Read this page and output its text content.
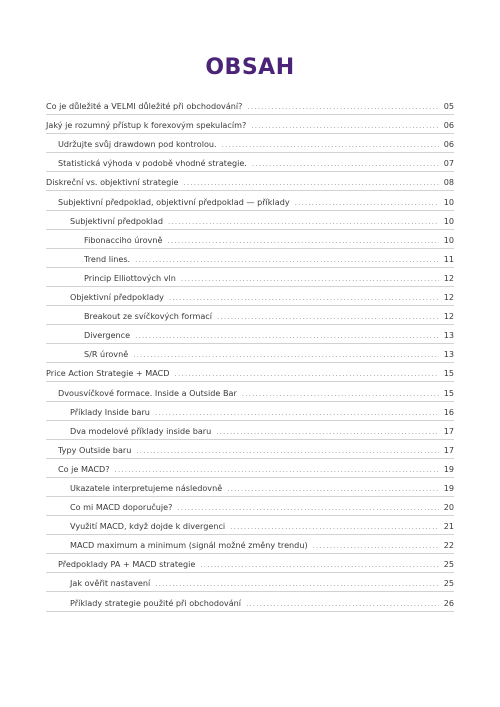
OBSAH
Co je důležité a VELMI důležité při obchodování? .....	05
Jaký je rozumný přístup k forexovým spekulacím? .....	06
Udržujte svůj drawdown pod kontrolou. .....	06
Statistická výhoda v podobě vhodné strategie. .....	07
Diskreční vs. objektivní strategie .....	08
Subjektivní předpoklad, objektivní předpoklad — příklady .....	10
Subjektivní předpoklad .....	10
Fibonacciho úrovně .....	10
Trend lines. .....	11
Princip Elliottových vln .....	12
Objektivní předpoklady .....	12
Breakout ze svíčkových formací .....	12
Divergence .....	13
S/R úrovně .....	13
Price Action Strategie + MACD .....	15
Dvousvíčkové formace. Inside a Outside Bar .....	15
Příklady Inside baru .....	16
Dva modelové příklady inside baru .....	17
Typy Outside baru .....	17
Co je MACD? .....	19
Ukazatele interpretujeme následovně .....	19
Co mi MACD doporučuje? .....	20
Využití MACD, když dojde k divergenci .....	21
MACD maximum a minimum (signál možné změny trendu) .....	22
Předpoklady PA + MACD strategie .....	25
Jak ověřit nastavení .....	25
Příklady strategie použité při obchodování .....	26
